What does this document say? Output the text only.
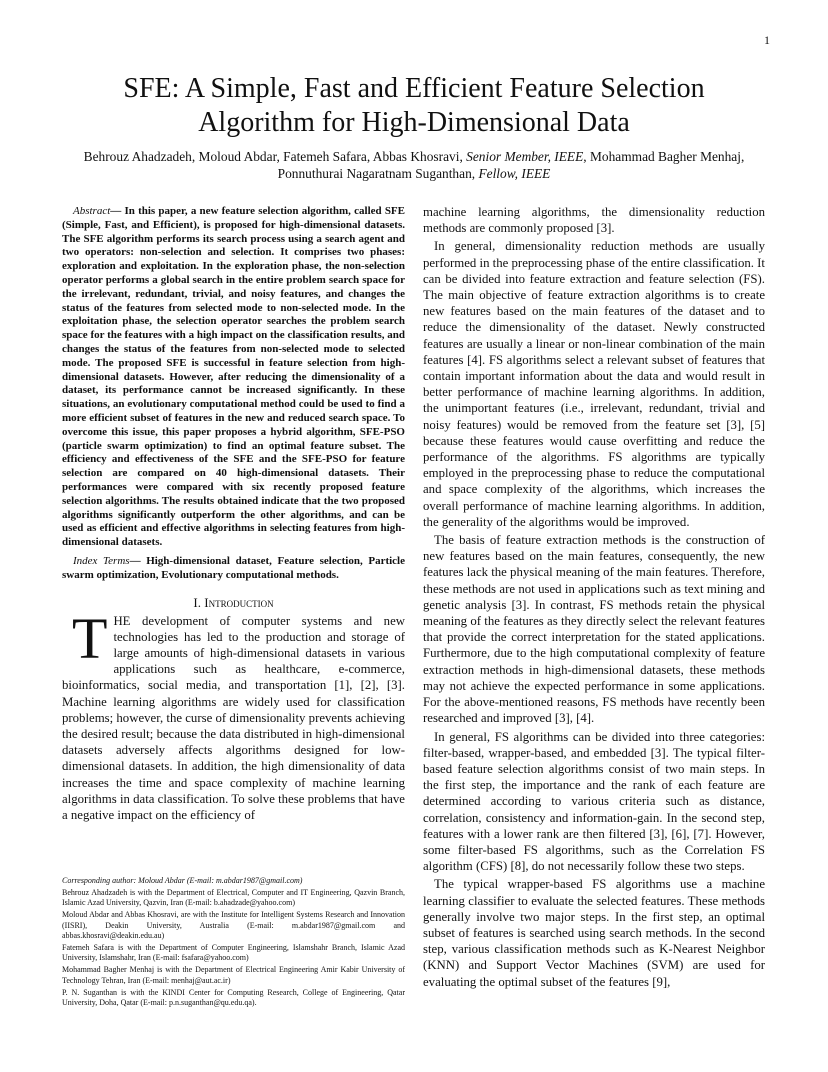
1
SFE: A Simple, Fast and Efficient Feature Selection
Algorithm for High-Dimensional Data
Behrouz Ahadzadeh, Moloud Abdar, Fatemeh Safara, Abbas Khosravi, Senior Member, IEEE, Mohammad Bagher Menhaj, Ponnuthurai Nagaratnam Suganthan, Fellow, IEEE

Abstract— In this paper, a new feature selection algorithm, called SFE (Simple, Fast, and Efficient), is proposed for high-dimensional datasets. The SFE algorithm performs its search process using a search agent and two operators: non-selection and selection. It comprises two phases: exploration and exploitation. In the exploration phase, the non-selection operator performs a global search in the entire problem search space for the irrelevant, redundant, trivial, and noisy features, and changes the status of the features from selected mode to non-selected mode. In the exploitation phase, the selection operator searches the problem search space for the features with a high impact on the classification results, and changes the status of the features from non-selected mode to selected mode. The proposed SFE is successful in feature selection from high-dimensional datasets. However, after reducing the dimensionality of a dataset, its performance cannot be increased significantly. In these situations, an evolutionary computational method could be used to find a more efficient subset of features in the new and reduced search space. To overcome this issue, this paper proposes a hybrid algorithm, SFE-PSO (particle swarm optimization) to find an optimal feature subset. The efficiency and effectiveness of the SFE and the SFE-PSO for feature selection are compared on 40 high-dimensional datasets. Their performances were compared with six recently proposed feature selection algorithms. The results obtained indicate that the two proposed algorithms significantly outperform the other algorithms, and can be used as efficient and effective algorithms in selecting features from high-dimensional datasets.

Index Terms— High-dimensional dataset, Feature selection, Particle swarm optimization, Evolutionary computational methods.

I. Introduction

THE development of computer systems and new technologies has led to the production and storage of large amounts of high-dimensional datasets in various applications such as healthcare, e-commerce, bioinformatics, social media, and transportation [1], [2], [3]. Machine learning algorithms are widely used for classification problems; however, the curse of dimensionality prevents achieving the desired result; because the data distributed in high-dimensional datasets adversely affects algorithms designed for low-dimensional datasets. In addition, the high dimensionality of data increases the time and space complexity of machine learning algorithms in data classification. To solve these problems that have a negative impact on the efficiency of

Corresponding author: Moloud Abdar (E-mail: m.abdar1987@gmail.com)

Behrouz Ahadzadeh is with the Department of Electrical, Computer and IT Engineering, Qazvin Branch, Islamic Azad University, Qazvin, Iran (E-mail: b.ahadzade@yahoo.com)

Moloud Abdar and Abbas Khosravi, are with the Institute for Intelligent Systems Research and Innovation (IISRI), Deakin University, Australia (E-mail: m.abdar1987@gmail.com and abbas.khosravi@deakin.edu.au)

Fatemeh Safara is with the Department of Computer Engineering, Islamshahr Branch, Islamic Azad University, Islamshahr, Iran (E-mail: fsafara@yahoo.com)

Mohammad Bagher Menhaj is with the Department of Electrical Engineering Amir Kabir University of Technology Tehran, Iran (E-mail: menhaj@aut.ac.ir)

P. N. Suganthan is with the KINDI Center for Computing Research, College of Engineering, Qatar University, Doha, Qatar (E-mail: p.n.suganthan@qu.edu.qa).

machine learning algorithms, the dimensionality reduction methods are commonly proposed [3].

In general, dimensionality reduction methods are usually performed in the preprocessing phase of the entire classification. It can be divided into feature extraction and feature selection (FS). The main objective of feature extraction algorithms is to create new features based on the main features of the dataset and to reduce the dimensionality of the dataset. Newly constructed features are usually a linear or non-linear combination of the main features [4]. FS algorithms select a relevant subset of features that contain important information about the data and would result in better performance of machine learning algorithms. In addition, the unimportant features (i.e., irrelevant, redundant, trivial and noisy features) would be removed from the feature set [3], [5] because these features would cause overfitting and reduce the performance of the algorithms. FS algorithms are typically employed in the preprocessing phase to reduce the computational and space complexity of the algorithms, which increases the overall performance of machine learning algorithms. In addition, the generality of the algorithms would be improved.

The basis of feature extraction methods is the construction of new features based on the main features, consequently, the new features lack the physical meaning of the main features. Therefore, these methods are not used in applications such as text mining and genetic analysis [3]. In contrast, FS methods retain the physical meaning of the features as they directly select the relevant features that provide the correct interpretation for the stated applications. Furthermore, due to the high computational complexity of feature extraction methods in high-dimensional datasets, these methods may not achieve the expected performance in some applications. For the above-mentioned reasons, FS methods have recently been researched and improved [3], [4].

In general, FS algorithms can be divided into three categories: filter-based, wrapper-based, and embedded [3]. The typical filter-based feature selection algorithms consist of two main steps. In the first step, the importance and the rank of each feature are determined according to various criteria such as distance, correlation, consistency and information-gain. In the second step, features with a lower rank are then filtered [3], [6], [7]. However, some filter-based FS algorithms, such as the Correlation FS algorithm (CFS) [8], do not necessarily follow these two steps.

The typical wrapper-based FS algorithms use a machine learning classifier to evaluate the selected features. These methods generally involve two major steps. In the first step, an optimal subset of features is searched using search methods. In the second step, various classification methods such as K-Nearest Neighbor (KNN) and Support Vector Machines (SVM) are used for evaluating the optimal subset of the features [9],
